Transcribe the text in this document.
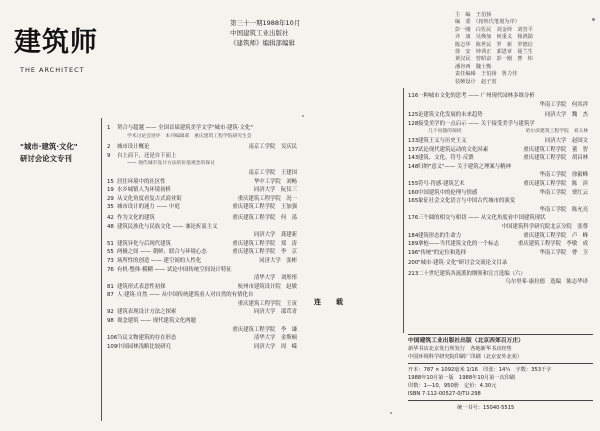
建筑师
THE ARCHITECT
第三十一期1988年10月
中国建筑工业出版社
《建筑师》编辑部编辑
主　编　王伯扬
编　委　（按姓氏笔划为序）
彭一刚　白佐民　刘金铎　刘管平
齐　康　吴焕加　何重义　杨鸿勋
陈志华　陈世民　罗　新　罗德启
徐　安　钟训正　郭恩章　聂兰生
黄汉民　曾昭奋　彭一刚　曹　炜
潘谷西　魏士衡
责任编辑　王伯扬　鲁力佳
装帧设计　赵子宽
"城市·建筑·文化"
研讨会论文专刊
1	契合与超越 —— 全国首届建筑美学文学"城市·建筑·文化"
学术讨论会述评　本刊编辑部　重庆建筑工程学院研究生会
2	城市设计概论	南京工学院　吴庆民
9	自上而下，还是自下而上
—— 现代城市设计方法的价值观念的探讨
南京工学院　王建国
15 居住环境中的社区性	华中工学院　刘畅
19 水乡城镇人为环境初析	同济大学　阮仪三
29 从文化角度看复古式商业街	重庆建筑工程学院　况一
35 城市设计的迷力 —— 中庭	重庆建筑工程学院　王加强
42 作为文化的建筑	重庆建筑工程学院　何　荡
48 建筑民族化与民族文化 —— 兼论折衷主义
同济大学　龚建新
51 建筑异化与后现代建筑	重庆建筑工程学院　郑　涛
55 两极之间 —— 朝鲜、联合与环境心态	重庆建筑工程学院　李　京
73 场所性的创造 —— 建空间的人性化	同济大学　张彬
76 有机·整体·模糊 —— 试论中国传统空间设计特征
清华大学　刘彤彤
81 建筑形式表意性初探	杭州市建筑设计院　赵敏
87 人·建筑·自然 —— 从中国传统建筑看人对自然的有情化自
重庆建筑工程学院　王寅
92 建筑表现设计方法之探索	同济大学　邵茸青
98 观念建筑 —— 现代建筑文化两题
重庆建筑工程学院　李　谦
106 刍议文物建筑的存在形态	清华大学　金斯顿
109 中国园林浅略比较研究	同济大学　周　嵘
连　载
116 一种城市文化的思考 —— 广州现代园林多维分析
华南工学院　何其祥
125 论建筑文化发展的未来趋势	同济大学　魏　杰
128 接受美学的一点启示 —— 关于接受美学与建筑学
几个问题的探析	哈尔滨建筑工程学院　刘义林
133 建筑王义与历史王义	同济大学　赵国文
137 试论现代建筑运动的文化因素	重庆建筑工程学院　董　智
143 建筑、文化、符号·反馈	重庆建筑工程学院　胡昌林
148 归纳"意义"—— 关于建筑之理案与精神
华南工学院　徐毅峰
155 符号·符感·建筑艺术	重庆建筑工程学院　陈　滨
160 中国建筑中的伦理与情感	华南工学院　贾红云
165 象征社会文化语言与中国古代城市的演变
华南工学院　陈允亮
176 三个圆的相交与相切 —— 从文化角度看中国建筑现状
中国建筑科学研究院北京分院　张尊
184 建筑形态的生命力	重庆建筑工程学院　卢　峰
189 拿枪——当代建筑文化的一个标志	重庆建筑工程学院　李敏　成
196 "传统"的定位和选择	华南工学院　曹　卫
200 "城市·建筑·文化"研讨会交流论文目录
213 二十世纪建筑各流派的纲领和宣言选编（六）
乌尔里希·康拉德　选编　陈志华译
中国建筑工业出版社出版（北京西郊百万庄）
新华书店北京发行所发行　各地新华书店经售
中国环境科学研究院印刷厂印刷（北京安外北苑）
开本：787 × 1092毫米 1/16　印张：14¼　字数：353千字
1988年10月第一版　1988年10月第一次印刷
印数：1—10，950册　定价：4.30元
ISBN 7-112-00527-0/TU·298
统一书号：15040·5515
